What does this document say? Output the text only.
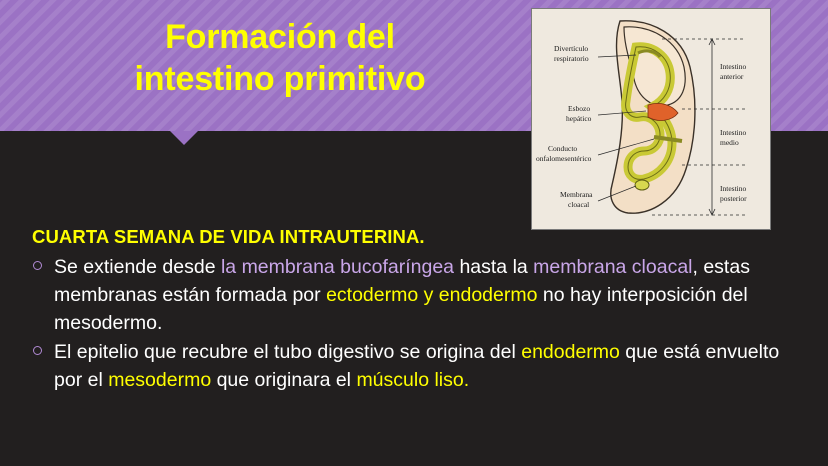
Formación del
intestino primitivo
Divertículo
respiratorio
Esbozo
hepático
Conducto
onfalomesentérico
Membrana
cloacal
Intestino
anterior
Intestino
medio
Intestino
posterior
CUARTA SEMANA DE VIDA INTRAUTERINA.
Se extiende desde la membrana bucofaríngea hasta la membrana cloacal, estas membranas están formada por ectodermo y endodermo no hay interposición del mesodermo.
El epitelio que recubre el tubo digestivo se origina del endodermo que está envuelto por el mesodermo que originara el músculo liso.
